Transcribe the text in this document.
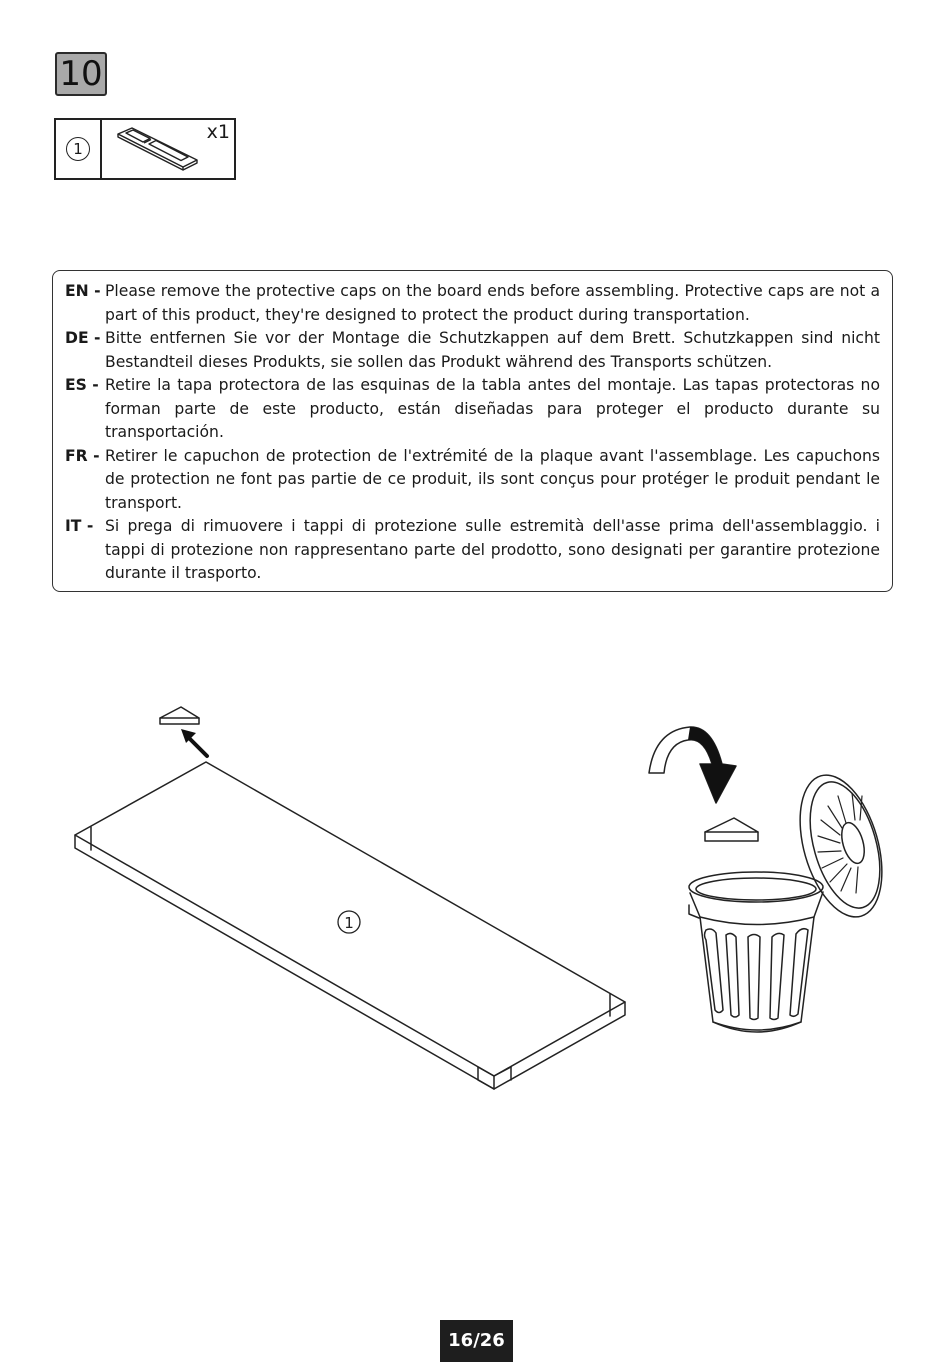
10
1
x1
EN - Please remove the protective caps on the board ends before assembling. Protective caps are not a part of this product, they're designed to protect the product during transportation.
DE - Bitte entfernen Sie vor der Montage die Schutzkappen auf dem Brett. Schutzkappen sind nicht Bestandteil dieses Produkts, sie sollen das Produkt während des Transports schützen.
ES - Retire la tapa protectora de las esquinas de la tabla antes del montaje. Las tapas protectoras no forman parte de este producto, están diseñadas para proteger el producto durante su transportación.
FR - Retirer le capuchon de protection de l'extrémité de la plaque avant l'assemblage. Les capuchons de protection ne font pas partie de ce produit, ils sont conçus pour protéger le produit pendant le transport.
IT - Si prega di rimuovere i tappi di protezione sulle estremità dell'asse prima dell'assemblaggio. i tappi di protezione non rappresentano parte del prodotto, sono designati per garantire protezione durante il trasporto.
1
16/26
